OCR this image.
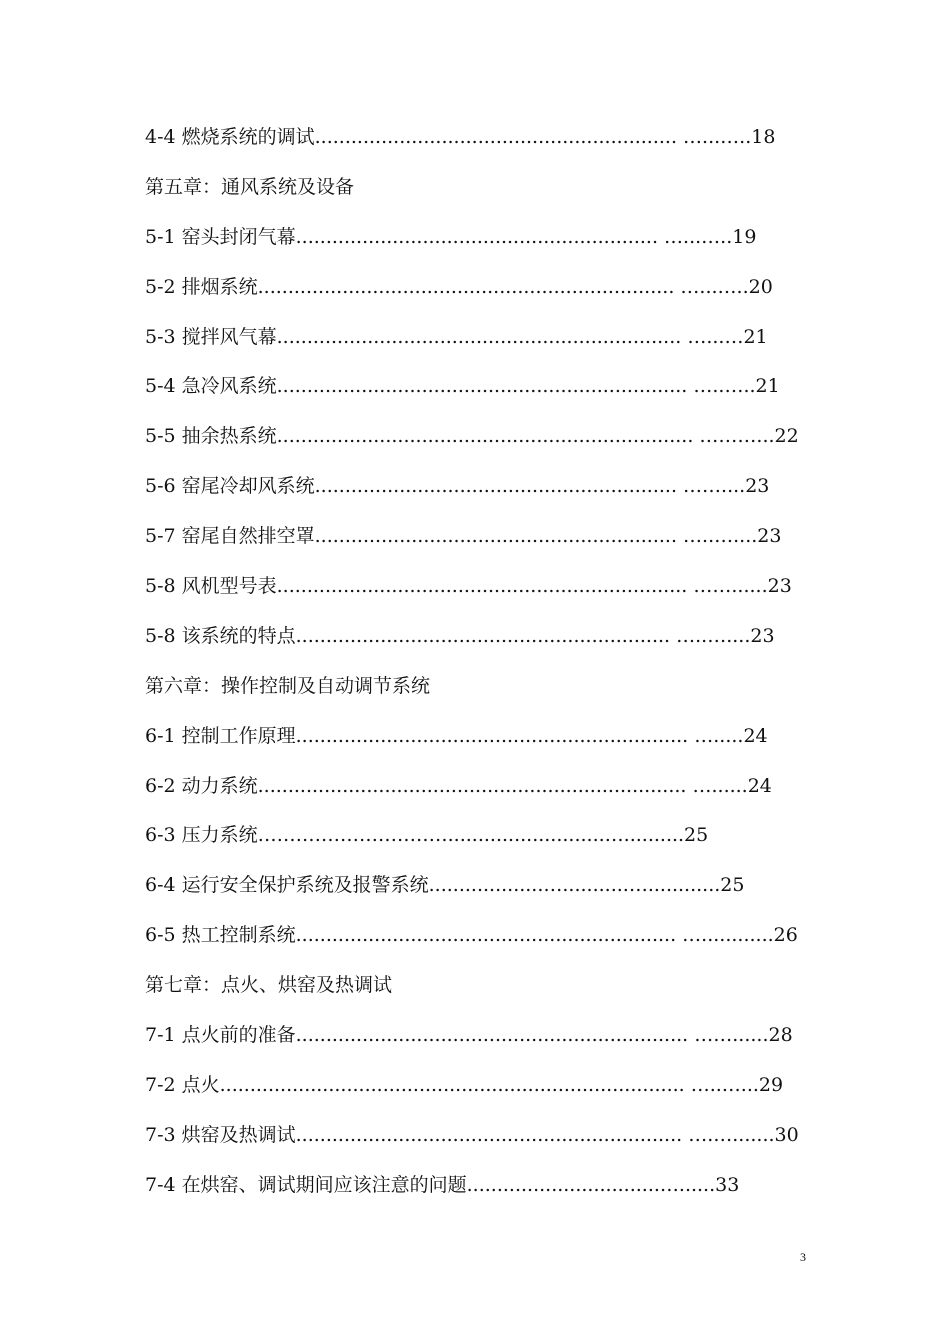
4-4 燃烧系统的调试............................................................ …...…..18
第五章：通风系统及设备
5-1 窑头封闭气幕............................................................ …...…..19
5-2 排烟系统..................................................................... …...…..20
5-3 搅拌风气幕................................................................... …...…21
5-4 急冷风系统.................................................................... …..…..21
5-5 抽余热系统..................................................................... ………...22
5-6 窑尾冷却风系统............................................................ ……....23
5-7 窑尾自然排空罩............................................................ …..…....23
5-8 风机型号表.................................................................... ……......23
5-8 该系统的特点.............................................................. …..…....23
第六章：操作控制及自动调节系统
6-1 控制工作原理................................................................. ….....24
6-2 动力系统....................................................................... …......24
6-3 压力系统…………………………..........................…..........25
6-4 运行安全保护系统及报警系统...................…...........…............25
6-5 热工控制系统............................................................... …............26
第七章：点火、烘窑及热调试
7-1 点火前的准备................................................................. ……......28
7-2 点火............................................................................. …..…...29
7-3 烘窑及热调试................................................................ ….….......30
7-4 在烘窑、调试期间应该注意的问题................................…......33
3
